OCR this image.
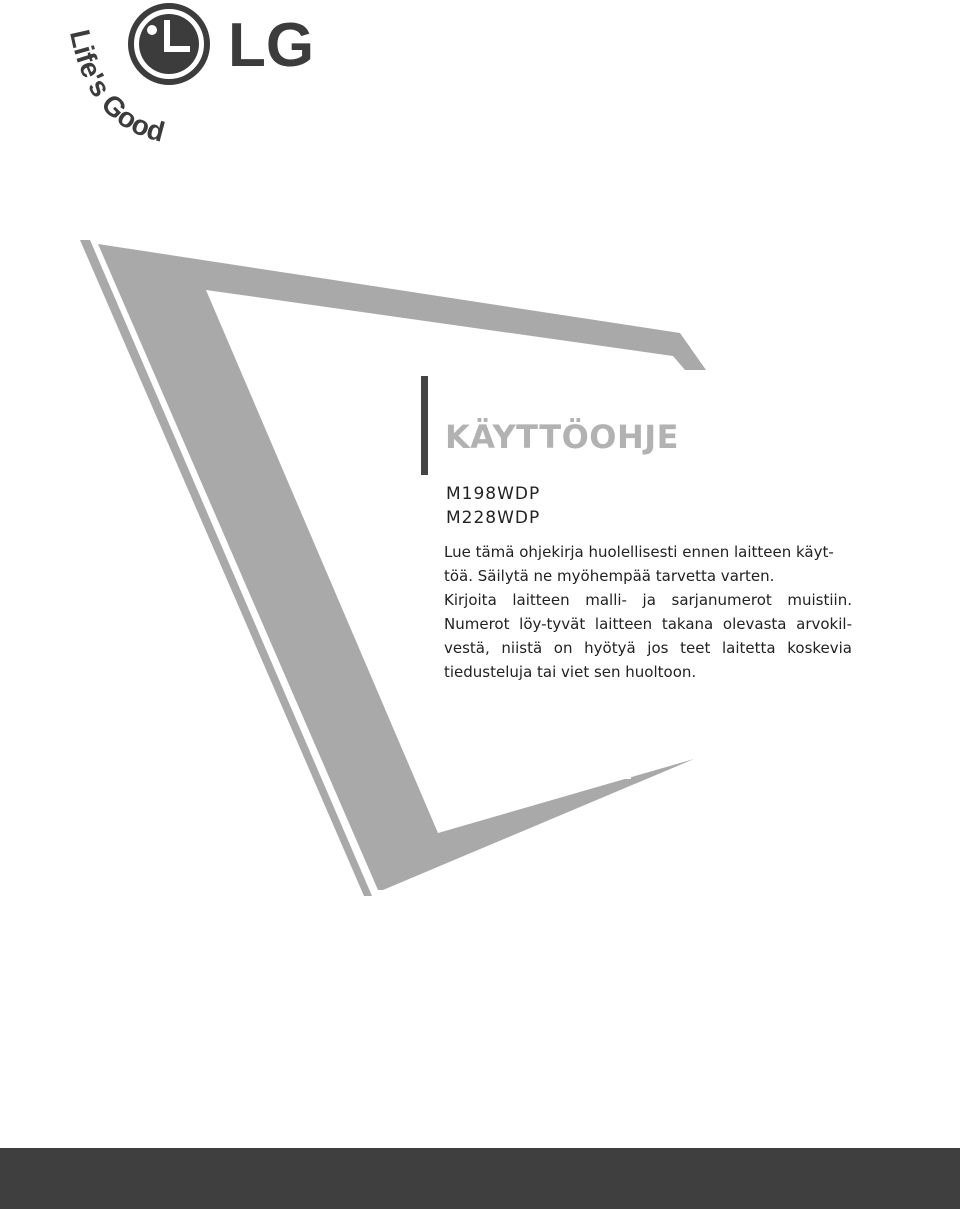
LG
Life's Good
KÄYTTÖOHJE
M198WDP
M228WDP

Lue tämä ohjekirja huolellisesti ennen laitteen käyt-

töä. Säilytä ne myöhempää tarvetta varten.

Kirjoita laitteen malli- ja sarjanumerot muistiin. Numerot löy-tyvät laitteen takana olevasta arvokil-vestä, niistä on hyötyä jos teet laitetta koskevia tiedusteluja tai viet sen huoltoon.
